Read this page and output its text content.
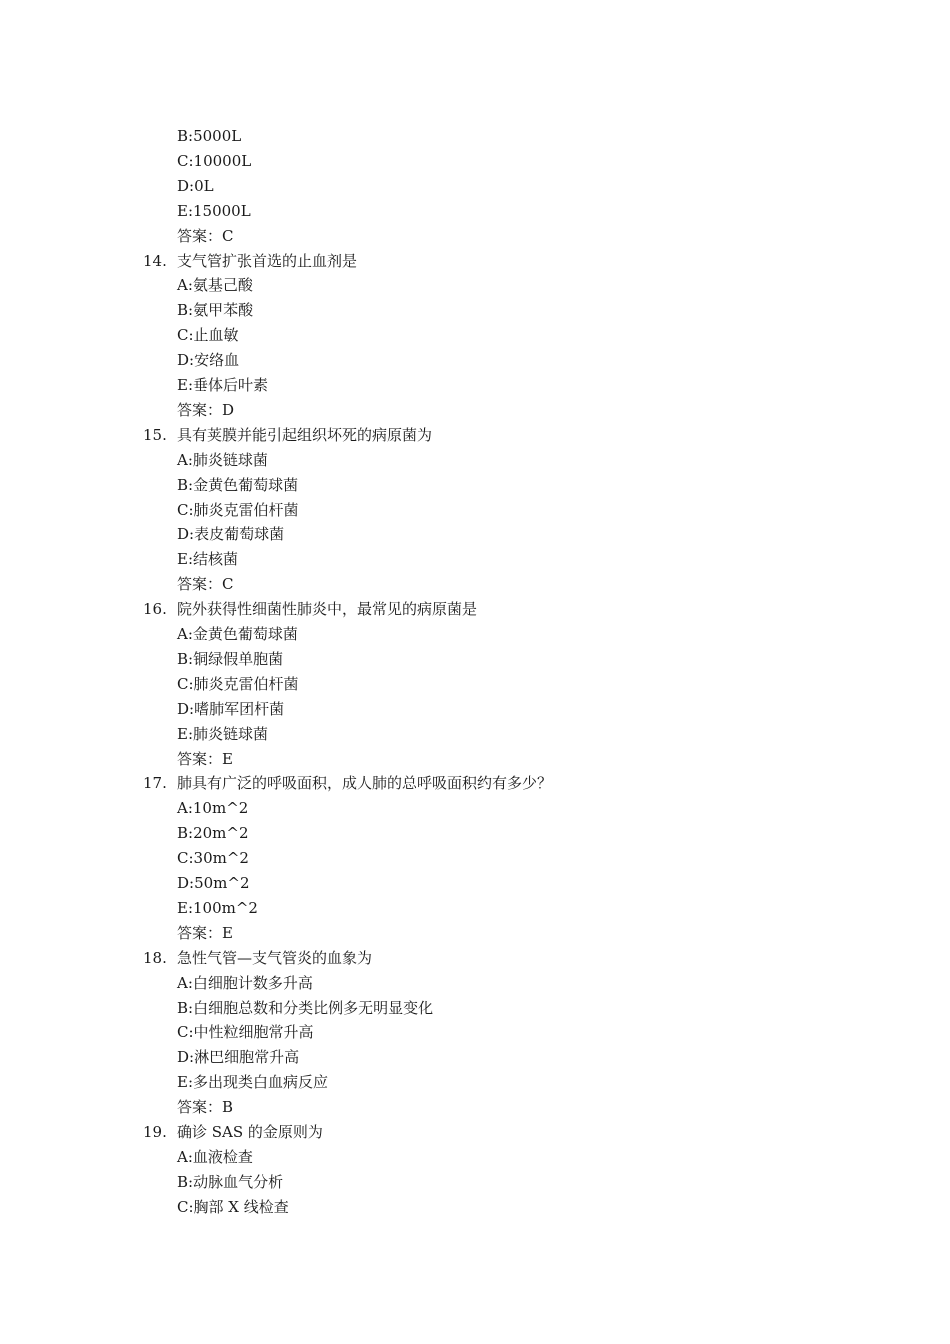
B:5000L
C:10000L
D:0L
E:15000L
答案：C
14. 支气管扩张首选的止血剂是
A:氨基己酸
B:氨甲苯酸
C:止血敏
D:安络血
E:垂体后叶素
答案：D
15. 具有荚膜并能引起组织坏死的病原菌为
A:肺炎链球菌
B:金黄色葡萄球菌
C:肺炎克雷伯杆菌
D:表皮葡萄球菌
E:结核菌
答案：C
16. 院外获得性细菌性肺炎中，最常见的病原菌是
A:金黄色葡萄球菌
B:铜绿假单胞菌
C:肺炎克雷伯杆菌
D:嗜肺军团杆菌
E:肺炎链球菌
答案：E
17. 肺具有广泛的呼吸面积，成人肺的总呼吸面积约有多少？
A:10m^2
B:20m^2
C:30m^2
D:50m^2
E:100m^2
答案：E
18. 急性气管—支气管炎的血象为
A:白细胞计数多升高
B:白细胞总数和分类比例多无明显变化
C:中性粒细胞常升高
D:淋巴细胞常升高
E:多出现类白血病反应
答案：B
19. 确诊 SAS 的金原则为
A:血液检查
B:动脉血气分析
C:胸部 X 线检查
